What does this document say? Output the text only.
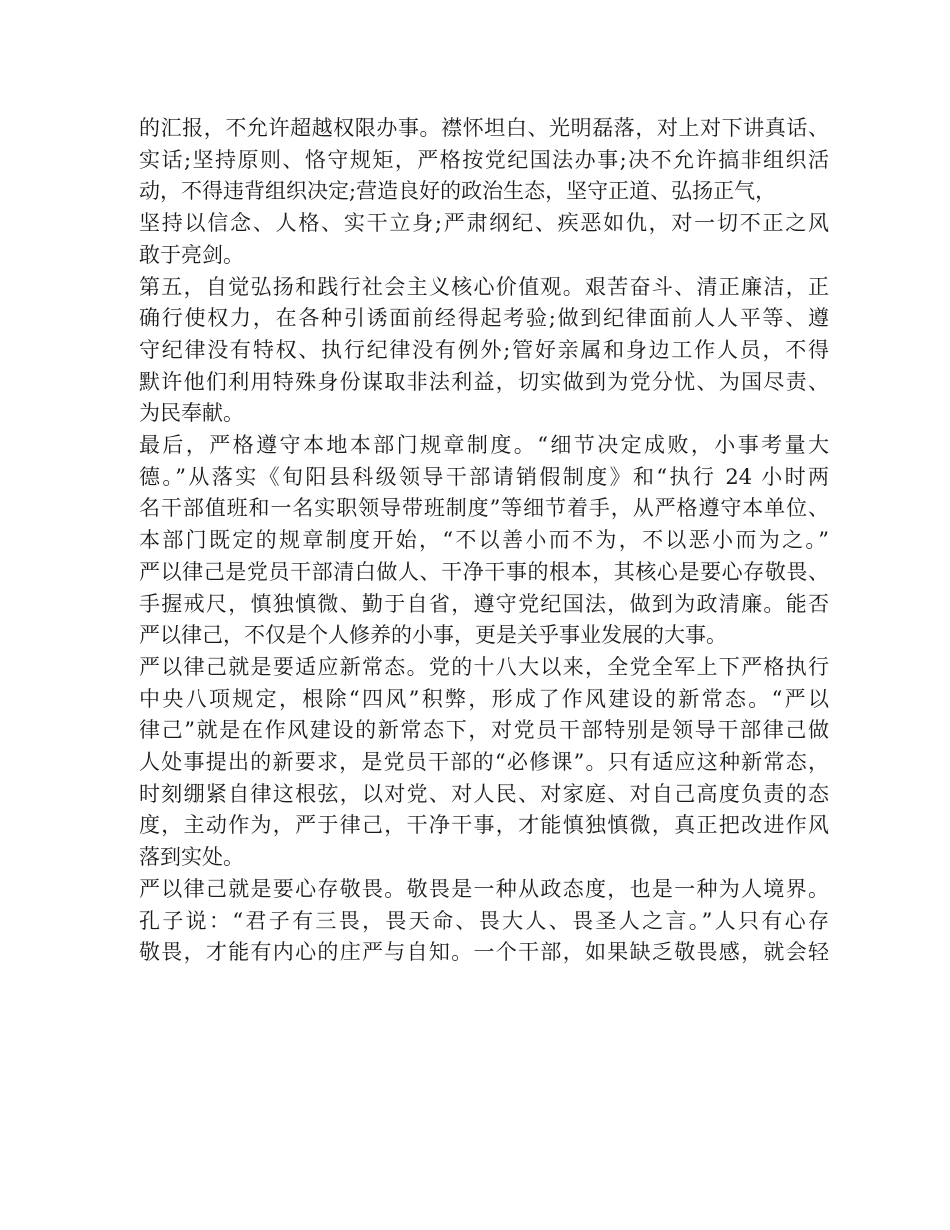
的汇报，不允许超越权限办事。襟怀坦白、光明磊落，对上对下讲真话、
实话;坚持原则、恪守规矩，严格按党纪国法办事;决不允许搞非组织活
动，不得违背组织决定;营造良好的政治生态，坚守正道、弘扬正气，
坚持以信念、人格、实干立身;严肃纲纪、疾恶如仇，对一切不正之风
敢于亮剑。
第五，自觉弘扬和践行社会主义核心价值观。艰苦奋斗、清正廉洁，正
确行使权力，在各种引诱面前经得起考验;做到纪律面前人人平等、遵
守纪律没有特权、执行纪律没有例外;管好亲属和身边工作人员，不得
默许他们利用特殊身份谋取非法利益，切实做到为党分忧、为国尽责、
为民奉献。
最后，严格遵守本地本部门规章制度。“细节决定成败，小事考量大
德。”从落实《旬阳县科级领导干部请销假制度》和“执行 24 小时两
名干部值班和一名实职领导带班制度”等细节着手，从严格遵守本单位、
本部门既定的规章制度开始，“不以善小而不为，不以恶小而为之。”
严以律己是党员干部清白做人、干净干事的根本，其核心是要心存敬畏、
手握戒尺，慎独慎微、勤于自省，遵守党纪国法，做到为政清廉。能否
严以律己，不仅是个人修养的小事，更是关乎事业发展的大事。
严以律己就是要适应新常态。党的十八大以来，全党全军上下严格执行
中央八项规定，根除“四风”积弊，形成了作风建设的新常态。“严以
律己”就是在作风建设的新常态下，对党员干部特别是领导干部律己做
人处事提出的新要求，是党员干部的“必修课”。只有适应这种新常态，
时刻绷紧自律这根弦，以对党、对人民、对家庭、对自己高度负责的态
度，主动作为，严于律己，干净干事，才能慎独慎微，真正把改进作风
落到实处。
严以律己就是要心存敬畏。敬畏是一种从政态度，也是一种为人境界。
孔子说：“君子有三畏，畏天命、畏大人、畏圣人之言。”人只有心存
敬畏，才能有内心的庄严与自知。一个干部，如果缺乏敬畏感，就会轻
